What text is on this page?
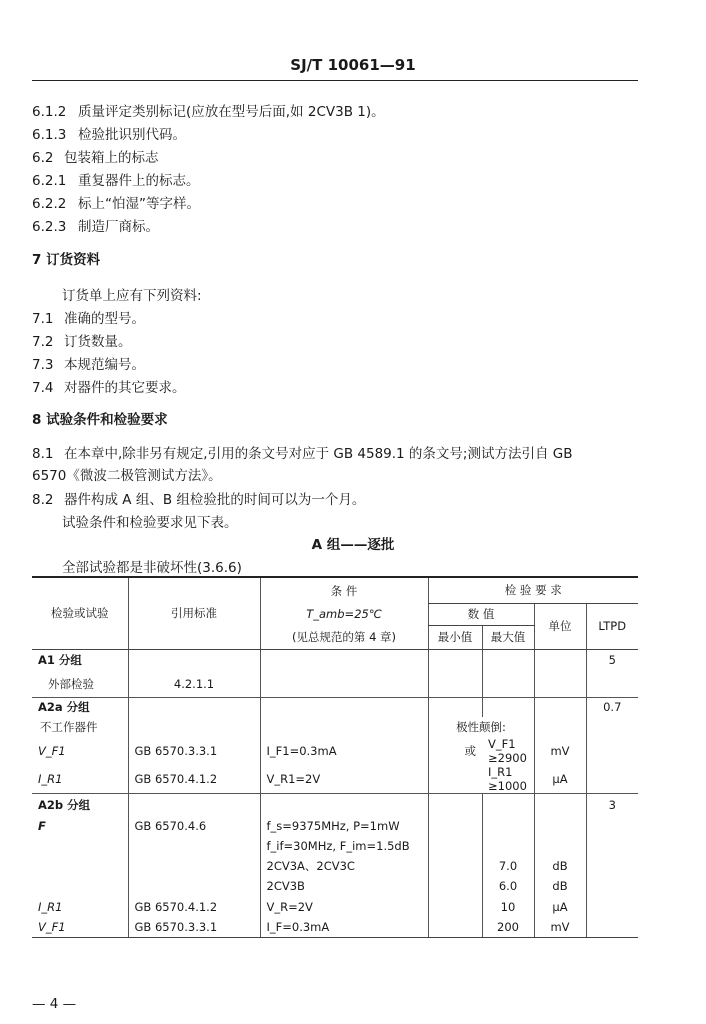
SJ/T 10061—91
6.1.2 质量评定类别标记(应放在型号后面,如 2CV3B 1)。
6.1.3 检验批识别代码。
6.2 包装箱上的标志
6.2.1 重复器件上的标志。
6.2.2 标上“怕湿”等字样。
6.2.3 制造厂商标。
7 订货资料
订货单上应有下列资料:
7.1 准确的型号。
7.2 订货数量。
7.3 本规范编号。
7.4 对器件的其它要求。
8 试验条件和检验要求
8.1 在本章中,除非另有规定,引用的条文号对应于 GB 4589.1 的条文号;测试方法引自 GB
6570《微波二极管测试方法》。
8.2 器件构成 A 组、B 组检验批的时间可以为一个月。
试验条件和检验要求见下表。
A 组——逐批
全部试验都是非破坏性(3.6.6)
检验或试验	引用标准	条 件	检 验 要 求			
		T_amb=25℃	数 值		单位	LTPD
		(见总规范的第 4 章)	最小值	最大值		
A1 分组						5
外部检验	4.2.1.1					
A2a 分组						0.7
不工作器件			极性颠倒:			
V_F1	GB 6570.3.3.1	I_F1=0.3mA	或	V_F1 ≥2900	mV	
I_R1	GB 6570.4.1.2	V_R1=2V		I_R1 ≥1000	μA	
A2b 分组						3
F	GB 6570.4.6	f_s=9375MHz, P=1mW				
		f_if=30MHz, F_im=1.5dB				
		2CV3A、2CV3C		7.0	dB	
		2CV3B		6.0	dB	
I_R1	GB 6570.4.1.2	V_R=2V		10	μA	
V_F1	GB 6570.3.3.1	I_F=0.3mA		200	mV	
— 4 —
